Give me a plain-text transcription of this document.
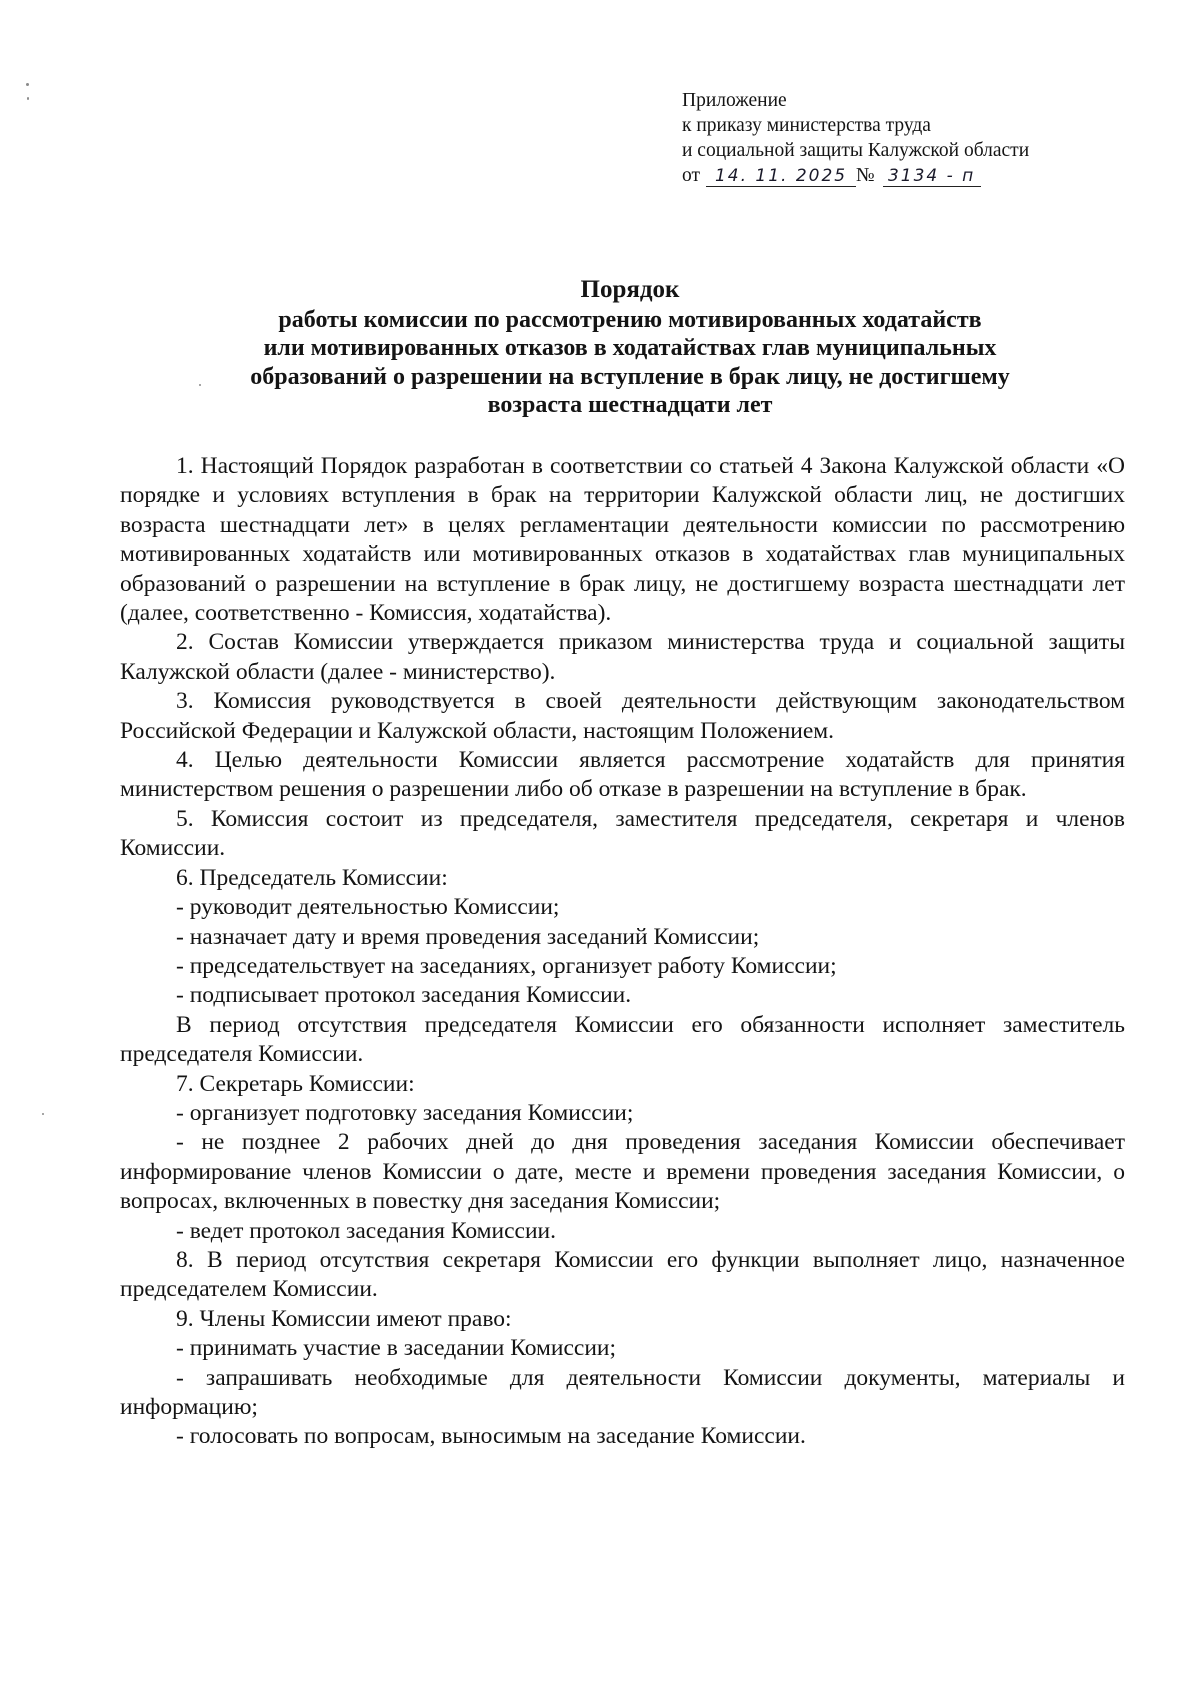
Приложение
к приказу министерства труда
и социальной защиты Калужской области
от 14. 11. 2025 № 3134 - п
Порядок
работы комиссии по рассмотрению мотивированных ходатайств
или мотивированных отказов в ходатайствах глав муниципальных
образований о разрешении на вступление в брак лицу, не достигшему
возраста шестнадцати лет

1. Настоящий Порядок разработан в соответствии со статьей 4 Закона Калужской области «О порядке и условиях вступления в брак на территории Калужской области лиц, не достигших возраста шестнадцати лет» в целях регламентации деятельности комиссии по рассмотрению мотивированных ходатайств или мотивированных отказов в ходатайствах глав муниципальных образований о разрешении на вступление в брак лицу, не достигшему возраста шестнадцати лет (далее, соответственно - Комиссия, ходатайства).

2. Состав Комиссии утверждается приказом министерства труда и социальной защиты Калужской области (далее - министерство).

3. Комиссия руководствуется в своей деятельности действующим законодательством Российской Федерации и Калужской области, настоящим Положением.

4. Целью деятельности Комиссии является рассмотрение ходатайств для принятия министерством решения о разрешении либо об отказе в разрешении на вступление в брак.

5. Комиссия состоит из председателя, заместителя председателя, секретаря и членов Комиссии.

6. Председатель Комиссии:

- руководит деятельностью Комиссии;

- назначает дату и время проведения заседаний Комиссии;

- председательствует на заседаниях, организует работу Комиссии;

- подписывает протокол заседания Комиссии.

В период отсутствия председателя Комиссии его обязанности исполняет заместитель председателя Комиссии.

7. Секретарь Комиссии:

- организует подготовку заседания Комиссии;

- не позднее 2 рабочих дней до дня проведения заседания Комиссии обеспечивает информирование членов Комиссии о дате, месте и времени проведения заседания Комиссии, о вопросах, включенных в повестку дня заседания Комиссии;

- ведет протокол заседания Комиссии.

8. В период отсутствия секретаря Комиссии его функции выполняет лицо, назначенное председателем Комиссии.

9. Члены Комиссии имеют право:

- принимать участие в заседании Комиссии;

- запрашивать необходимые для деятельности Комиссии документы, материалы и информацию;

- голосовать по вопросам, выносимым на заседание Комиссии.
